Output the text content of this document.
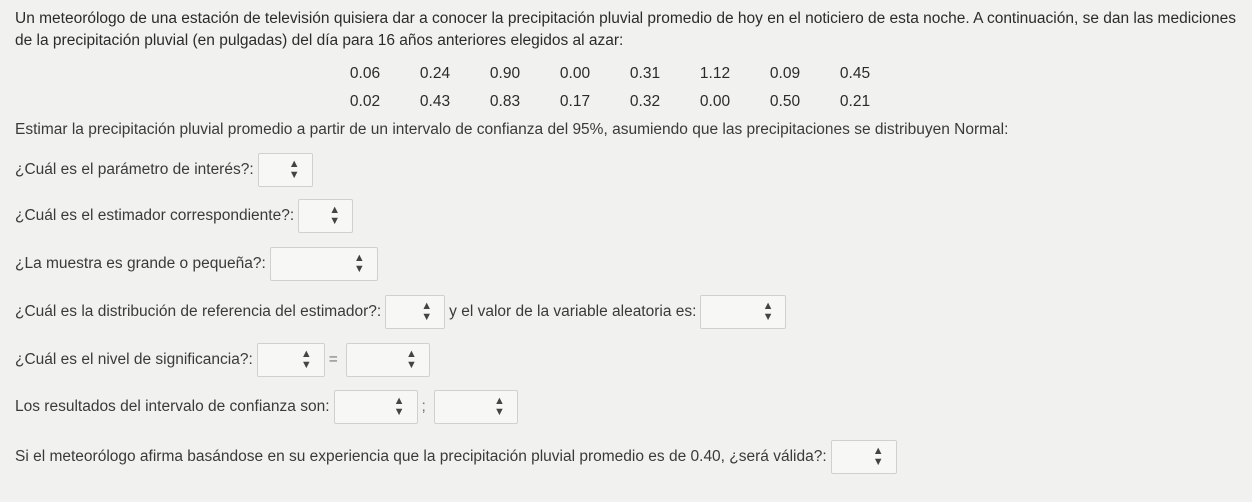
Un meteorólogo de una estación de televisión quisiera dar a conocer la precipitación pluvial promedio de hoy en el noticiero de esta noche. A continuación, se dan las mediciones de la precipitación pluvial (en pulgadas) del día para 16 años anteriores elegidos al azar:
0.06	0.24	0.90	0.00	0.31	1.12	0.09	0.45
0.02	0.43	0.83	0.17	0.32	0.00	0.50	0.21
Estimar la precipitación pluvial promedio a partir de un intervalo de confianza del 95%, asumiendo que las precipitaciones se distribuyen Normal:
¿Cuál es el parámetro de interés?:	▲
▼
¿Cuál es el estimador correspondiente?:	▲
▼
¿La muestra es grande o pequeña?:	▲
▼
¿Cuál es la distribución de referencia del estimador?:	▲
▼ y el valor de la variable aleatoria es:	▲
▼
¿Cuál es el nivel de significancia?:	▲
▼ =	▲
▼
Los resultados del intervalo de confianza son:	▲
▼ ;	▲
▼
Si el meteorólogo afirma basándose en su experiencia que la precipitación pluvial promedio es de 0.40, ¿será válida?:	▲
▼
